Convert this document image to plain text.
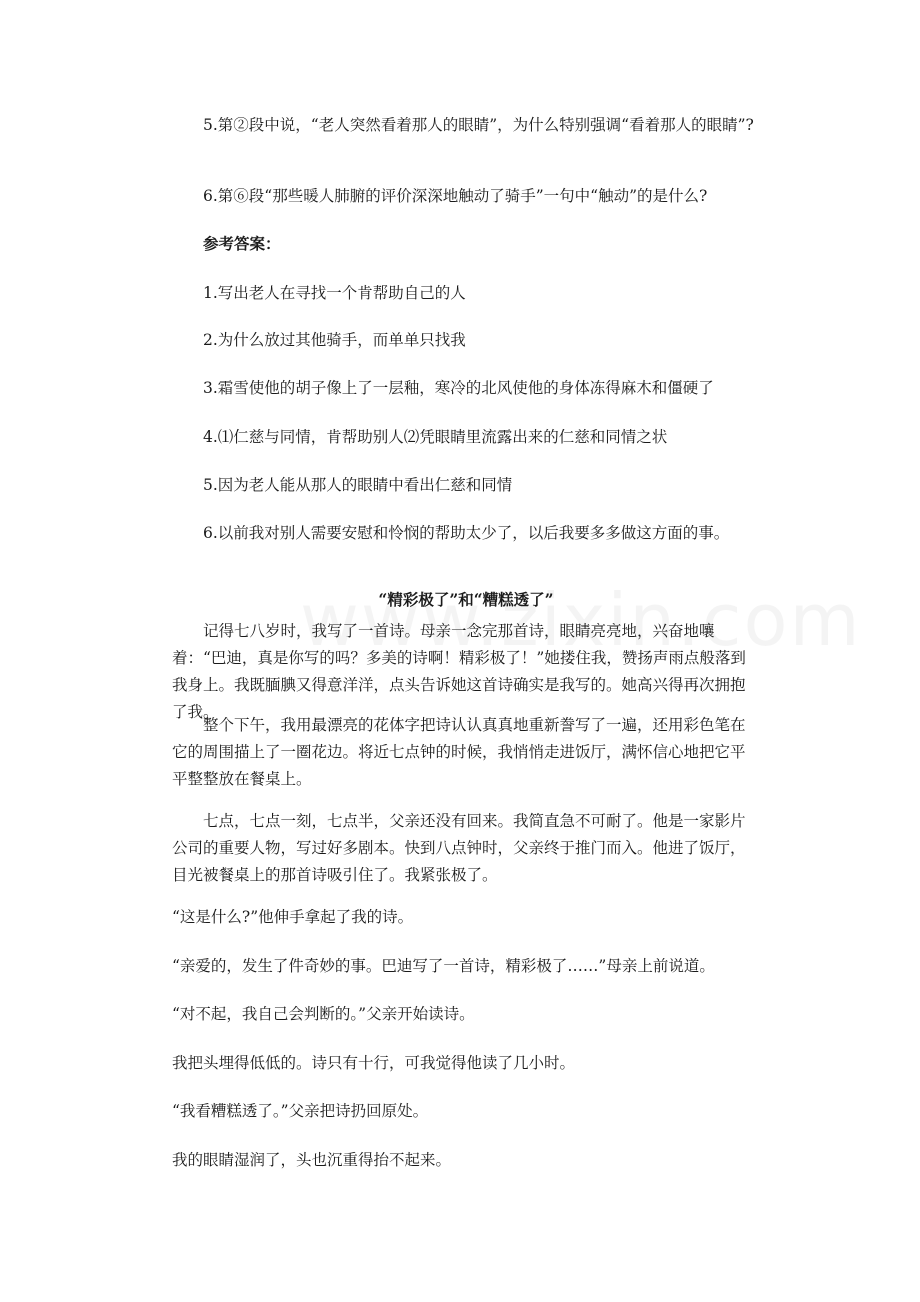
5.第②段中说，“老人突然看着那人的眼睛”，为什么特别强调“看着那人的眼睛”?

6.第⑥段“那些暖人肺腑的评价深深地触动了骑手”一句中“触动”的是什么?

参考答案：

1.写出老人在寻找一个肯帮助自己的人

2.为什么放过其他骑手，而单单只找我

3.霜雪使他的胡子像上了一层釉，寒冷的北风使他的身体冻得麻木和僵硬了

4.⑴仁慈与同情，肯帮助别人⑵凭眼睛里流露出来的仁慈和同情之状

5.因为老人能从那人的眼睛中看出仁慈和同情

6.以前我对别人需要安慰和怜悯的帮助太少了，以后我要多多做这方面的事。

“精彩极了”和“糟糕透了”

记得七八岁时，我写了一首诗。母亲一念完那首诗，眼睛亮亮地，兴奋地嚷着：“巴迪，真是你写的吗？多美的诗啊！精彩极了！”她搂住我，赞扬声雨点般落到我身上。我既腼腆又得意洋洋，点头告诉她这首诗确实是我写的。她高兴得再次拥抱了我。

整个下午，我用最漂亮的花体字把诗认认真真地重新誊写了一遍，还用彩色笔在它的周围描上了一圈花边。将近七点钟的时候，我悄悄走进饭厅，满怀信心地把它平平整整放在餐桌上。

七点，七点一刻，七点半，父亲还没有回来。我简直急不可耐了。他是一家影片公司的重要人物，写过好多剧本。快到八点钟时，父亲终于推门而入。他进了饭厅，目光被餐桌上的那首诗吸引住了。我紧张极了。

“这是什么?”他伸手拿起了我的诗。

“亲爱的，发生了件奇妙的事。巴迪写了一首诗，精彩极了……”母亲上前说道。

“对不起，我自己会判断的。”父亲开始读诗。

我把头埋得低低的。诗只有十行，可我觉得他读了几小时。

“我看糟糕透了。”父亲把诗扔回原处。

我的眼睛湿润了，头也沉重得抬不起来。
